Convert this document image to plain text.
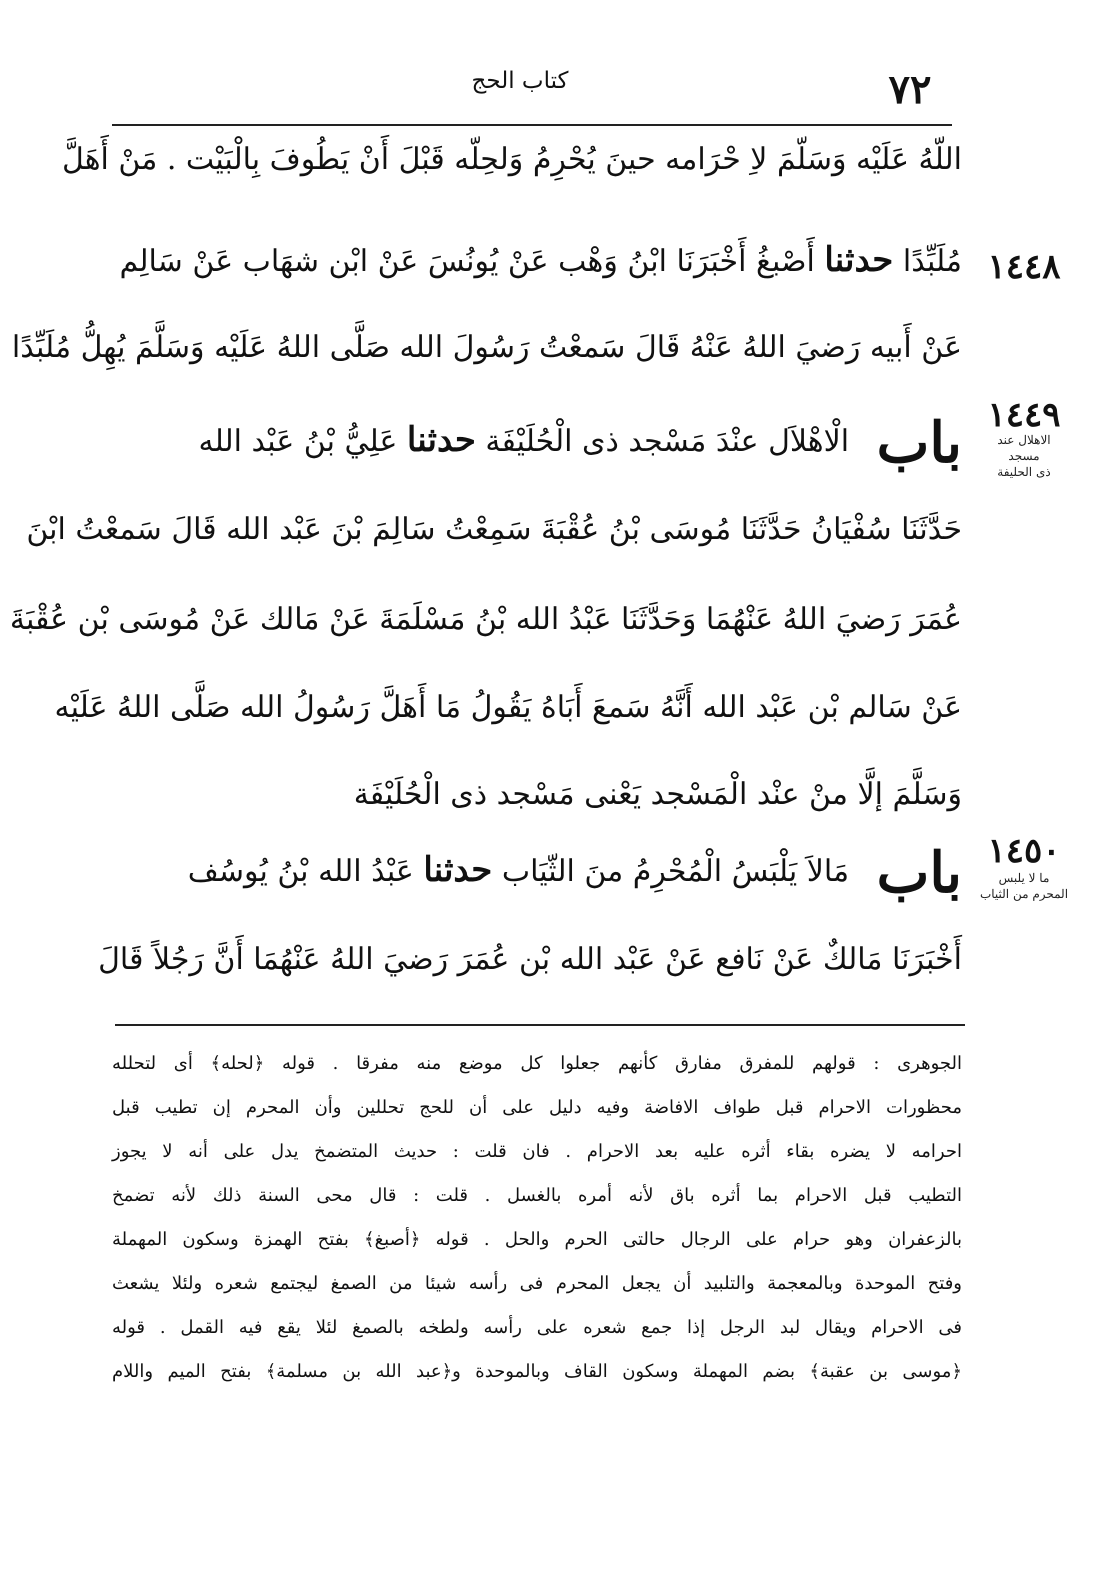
كتاب الحج	٧٢
اللّهُ عَلَيْه وَسَلّمَ لاِ حْرَامه حينَ يُحْرِمُ وَلحِلّه قَبْلَ أَنْ يَطُوفَ بِالْبَيْت . مَنْ أَهَلَّ
مُلَبِّدًا حدثنا أَصْبغُ أَخْبَرَنَا ابْنُ وَهْب عَنْ يُونُسَ عَنْ ابْن شهَاب عَنْ سَالِم
عَنْ أَبيه رَضيَ اللهُ عَنْهُ قَالَ سَمعْتُ رَسُولَ الله صَلَّى اللهُ عَلَيْه وَسَلَّمَ يُهِلُّ مُلَبِّدًا
باب الْاهْلاَل عنْدَ مَسْجد ذى الْحُلَيْفَة حدثنا عَلِيُّ بْنُ عَبْد الله
حَدَّثَنَا سُفْيَانُ حَدَّثَنَا مُوسَى بْنُ عُقْبَةَ سَمِعْتُ سَالِمَ بْنَ عَبْد الله قَالَ سَمعْتُ ابْنَ
عُمَرَ رَضيَ اللهُ عَنْهُمَا وَحَدَّثَنَا عَبْدُ الله بْنُ مَسْلَمَةَ عَنْ مَالك عَنْ مُوسَى بْن عُقْبَةَ
عَنْ سَالم بْن عَبْد الله أَنَّهُ سَمعَ أَبَاهُ يَقُولُ مَا أَهَلَّ رَسُولُ الله صَلَّى اللهُ عَلَيْه
وَسَلَّمَ إلَّا منْ عنْد الْمَسْجد يَعْنى مَسْجد ذى الْحُلَيْفَة
باب مَالاَ يَلْبَسُ الْمُحْرِمُ منَ الثّيَاب حدثنا عَبْدُ الله بْنُ يُوسُف
أَخْبَرَنَا مَالكٌ عَنْ نَافع عَنْ عَبْد الله بْن عُمَرَ رَضيَ اللهُ عَنْهُمَا أَنَّ رَجُلاً قَالَ
١٤٤٨
١٤٤٩
الاهلال عند
مسجد
ذى الحليفة
١٤٥٠
ما لا يلبس
المحرم من الثياب
الجوهرى : قولهم للمفرق مفارق كأنهم جعلوا كل موضع منه مفرقا . قوله ﴿لحله﴾ أى لتحلله
محظورات الاحرام قبل طواف الافاضة وفيه دليل على أن للحج تحللين وأن المحرم إن تطيب قبل
احرامه لا يضره بقاء أثره عليه بعد الاحرام . فان قلت : حديث المتضمخ يدل على أنه لا يجوز
التطيب قبل الاحرام بما أثره باق لأنه أمره بالغسل . قلت : قال محى السنة ذلك لأنه تضمخ
بالزعفران وهو حرام على الرجال حالتى الحرم والحل . قوله ﴿أصبغ﴾ بفتح الهمزة وسكون المهملة
وفتح الموحدة وبالمعجمة والتلبيد أن يجعل المحرم فى رأسه شيئا من الصمغ ليجتمع شعره ولئلا يشعث
فى الاحرام ويقال لبد الرجل إذا جمع شعره على رأسه ولطخه بالصمغ لئلا يقع فيه القمل . قوله
﴿موسى بن عقبة﴾ بضم المهملة وسكون القاف وبالموحدة و﴿عبد الله بن مسلمة﴾ بفتح الميم واللام
